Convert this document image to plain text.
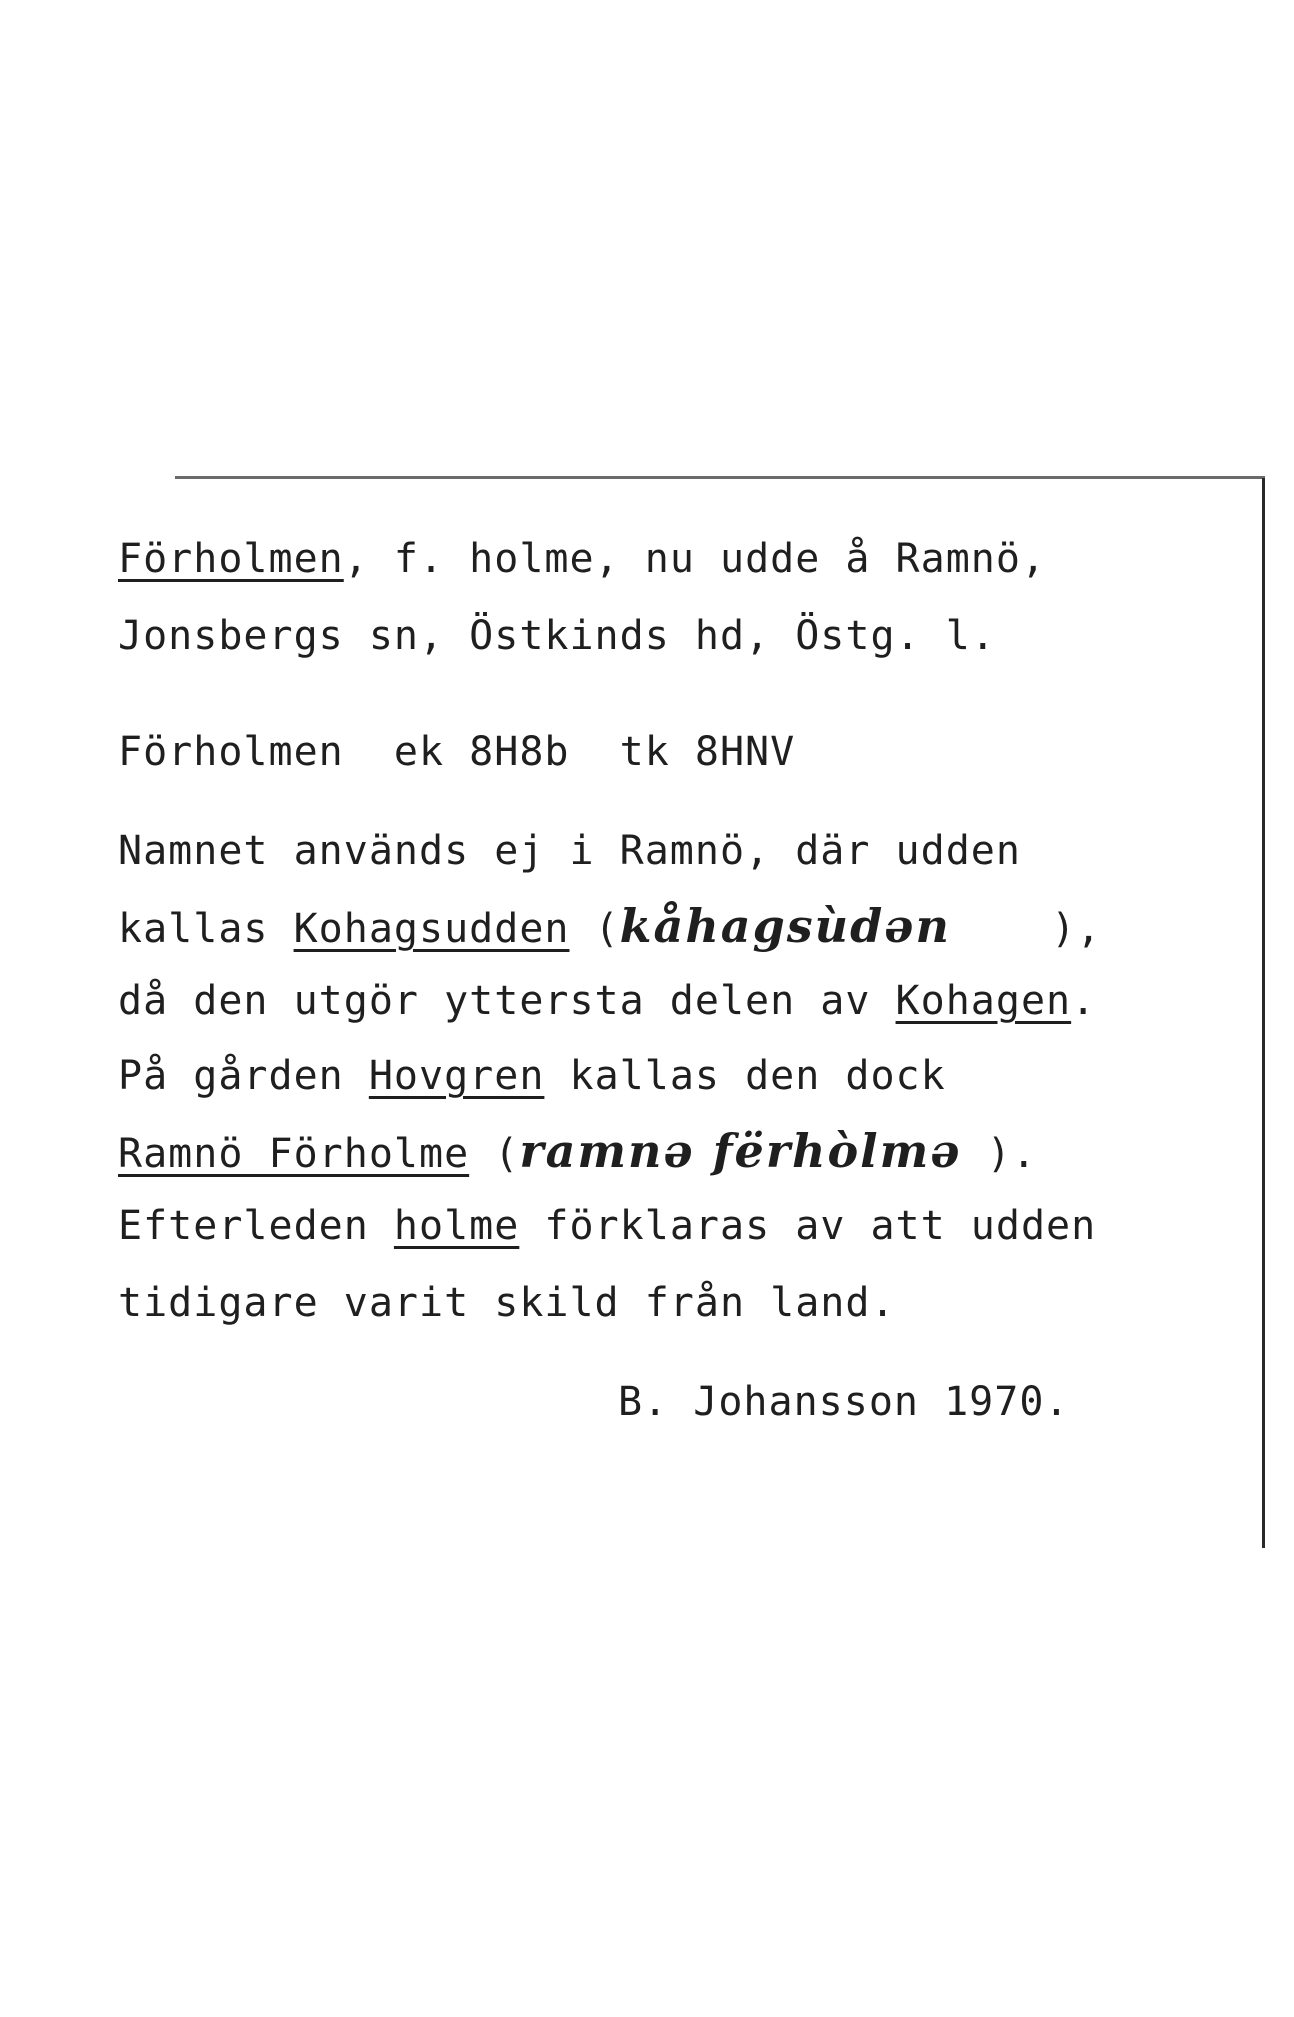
Förholmen, f. holme, nu udde å Ramnö,
Jonsbergs sn, Östkinds hd, Östg. l.
Förholmen  ek 8H8b  tk 8HNV
Namnet används ej i Ramnö, där udden
kallas Kohagsudden (kåhagsùdən    ),
då den utgör yttersta delen av Kohagen.
På gården Hovgren kallas den dock
Ramnö Förholme (ramnə fërhòlmə ).
Efterleden holme förklaras av att udden
tidigare varit skild från land.
B. Johansson 1970.
